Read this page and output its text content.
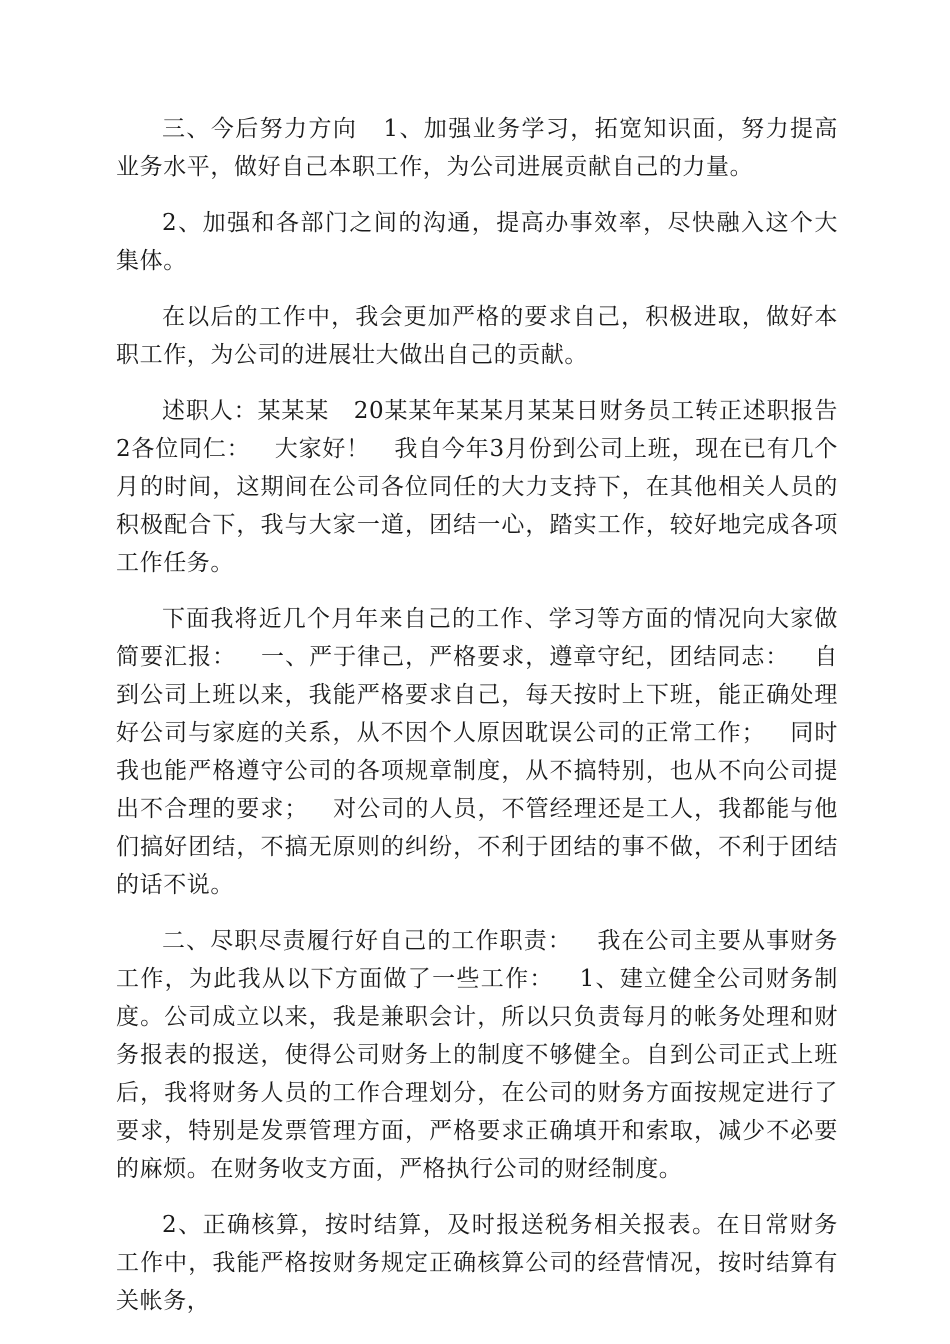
三、今后努力方向   1、加强业务学习，拓宽知识面，努力提高业务水平，做好自己本职工作，为公司进展贡献自己的力量。

2、加强和各部门之间的沟通，提高办事效率，尽快融入这个大集体。

在以后的工作中，我会更加严格的要求自己，积极进取，做好本职工作，为公司的进展壮大做出自己的贡献。

述职人：某某某   20某某年某某月某某日财务员工转正述职报告2各位同仁：   大家好！   我自今年3月份到公司上班，现在已有几个月的时间，这期间在公司各位同任的大力支持下，在其他相关人员的积极配合下，我与大家一道，团结一心，踏实工作，较好地完成各项工作任务。

下面我将近几个月年来自己的工作、学习等方面的情况向大家做简要汇报：   一、严于律己，严格要求，遵章守纪，团结同志：   自到公司上班以来，我能严格要求自己，每天按时上下班，能正确处理好公司与家庭的关系，从不因个人原因耽误公司的正常工作；   同时我也能严格遵守公司的各项规章制度，从不搞特别，也从不向公司提出不合理的要求；   对公司的人员，不管经理还是工人，我都能与他们搞好团结，不搞无原则的纠纷，不利于团结的事不做，不利于团结的话不说。

二、尽职尽责履行好自己的工作职责：   我在公司主要从事财务工作，为此我从以下方面做了一些工作：   1、建立健全公司财务制度。公司成立以来，我是兼职会计，所以只负责每月的帐务处理和财务报表的报送，使得公司财务上的制度不够健全。自到公司正式上班后，我将财务人员的工作合理划分，在公司的财务方面按规定进行了要求，特别是发票管理方面，严格要求正确填开和索取，减少不必要的麻烦。在财务收支方面，严格执行公司的财经制度。

2、正确核算，按时结算，及时报送税务相关报表。在日常财务工作中，我能严格按财务规定正确核算公司的经营情况，按时结算有关帐务，
